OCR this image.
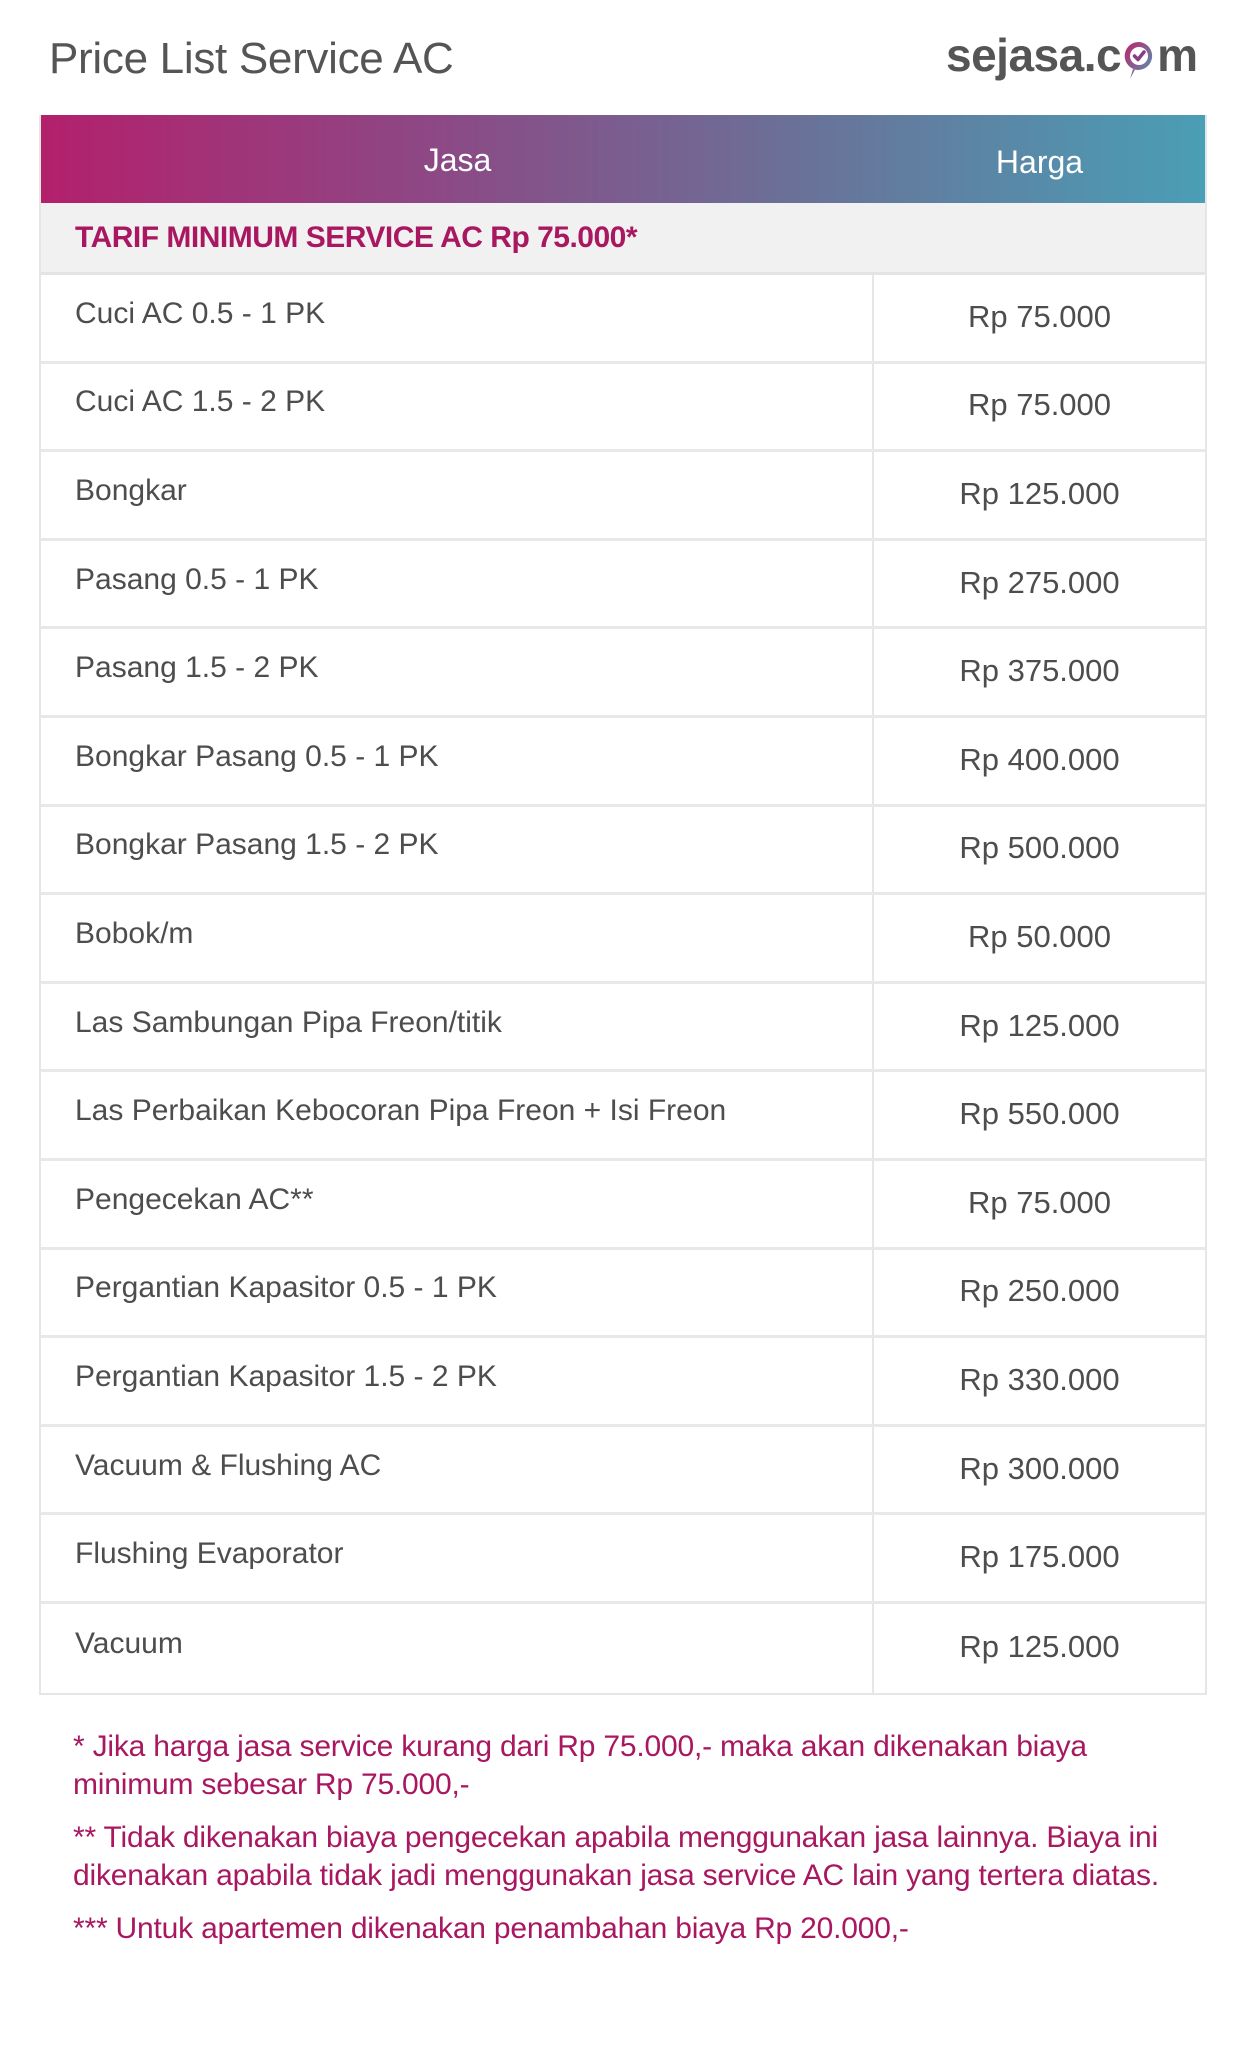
Price List Service AC	sejasa.c m
Jasa	Harga
TARIF MINIMUM SERVICE AC Rp 75.000*
Cuci AC 0.5 - 1 PK	Rp 75.000
Cuci AC 1.5 - 2 PK	Rp 75.000
Bongkar	Rp 125.000
Pasang 0.5 - 1 PK	Rp 275.000
Pasang 1.5 - 2 PK	Rp 375.000
Bongkar Pasang 0.5 - 1 PK	Rp 400.000
Bongkar Pasang 1.5 - 2 PK	Rp 500.000
Bobok/m	Rp 50.000
Las Sambungan Pipa Freon/titik	Rp 125.000
Las Perbaikan Kebocoran Pipa Freon + Isi Freon	Rp 550.000
Pengecekan AC**	Rp 75.000
Pergantian Kapasitor 0.5 - 1 PK	Rp 250.000
Pergantian Kapasitor 1.5 - 2 PK	Rp 330.000
Vacuum & Flushing AC	Rp 300.000
Flushing Evaporator	Rp 175.000
Vacuum	Rp 125.000

* Jika harga jasa service kurang dari Rp 75.000,- maka akan dikenakan biaya minimum sebesar Rp 75.000,-

** Tidak dikenakan biaya pengecekan apabila menggunakan jasa lainnya. Biaya ini dikenakan apabila tidak jadi menggunakan jasa service AC lain yang tertera diatas.

*** Untuk apartemen dikenakan penambahan biaya Rp 20.000,-
